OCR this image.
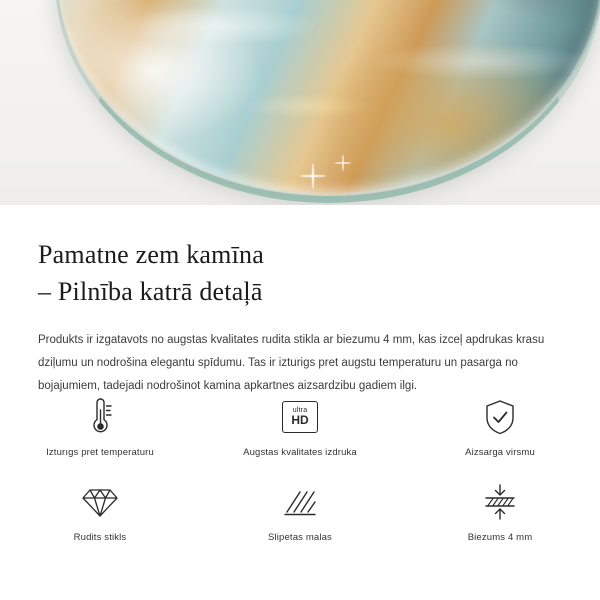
Pamatne zem kamīna
– Pilnība katrā detaļā

Produkts ir izgatavots no augstas kvalitates rudita stikla ar biezumu 4 mm, kas izceļ apdrukas krasu dziļumu un nodrošina elegantu spīdumu. Tas ir izturigs pret augstu temperaturu un pasarga no bojajumiem, tadejadi nodrošinot kamina apkartnes aizsardzibu gadiem ilgi.

Izturıgs pret temperaturu
ultra
HD
Augstas kvalitates izdruka	Aizsarga virsmu
Rudits stikls	Slipetas malas	Biezums 4 mm
